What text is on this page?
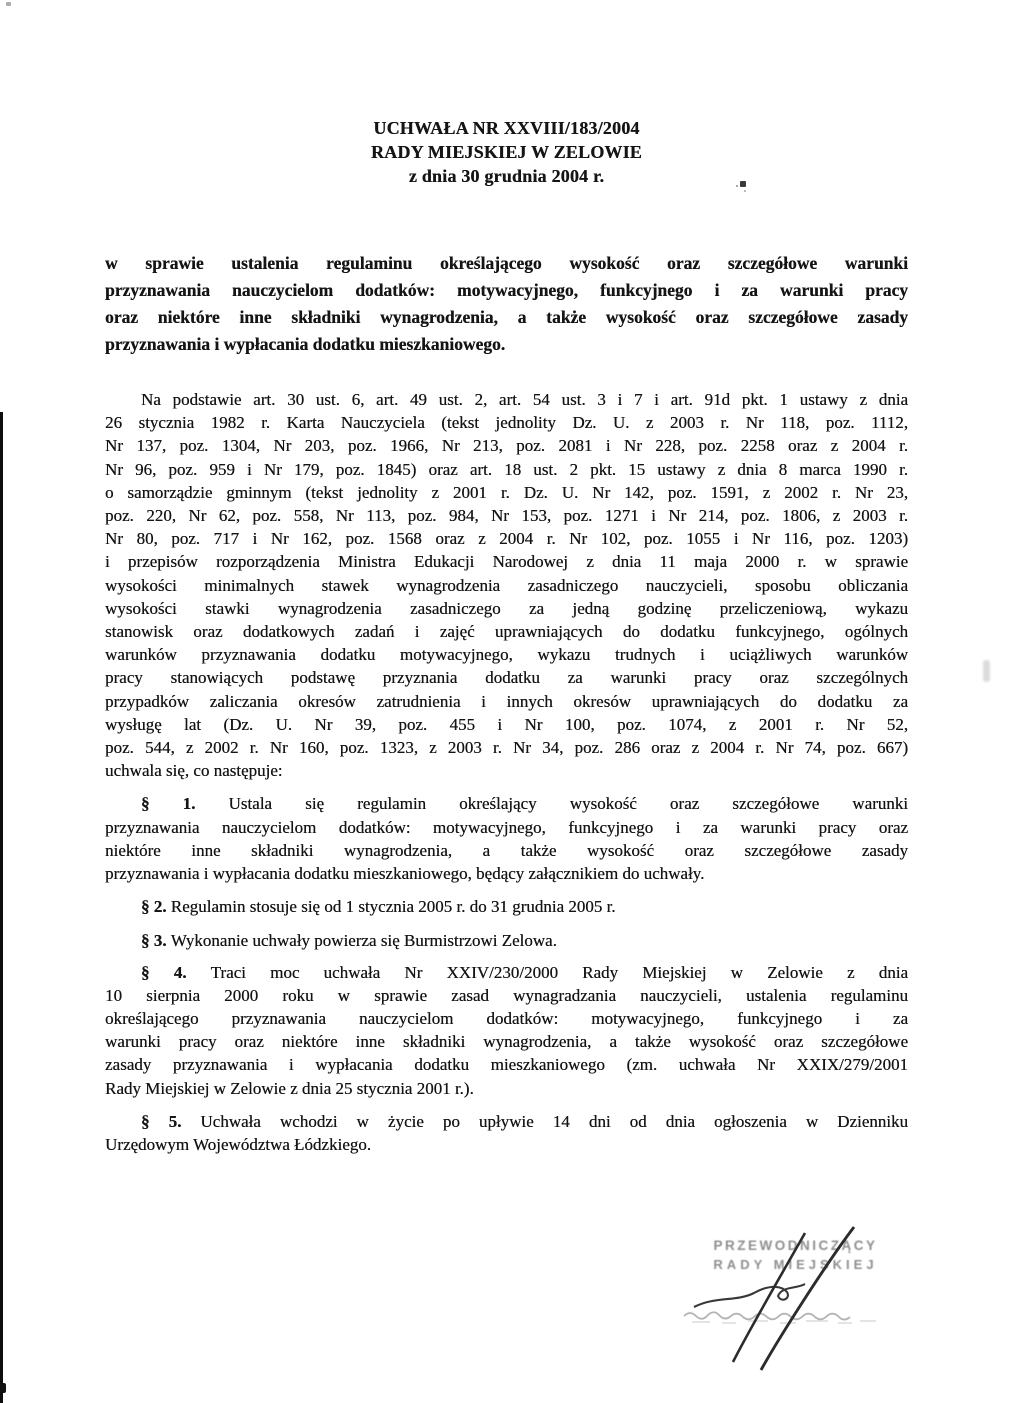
UCHWAŁA NR XXVIII/183/2004
RADY MIEJSKIEJ W ZELOWIE
z dnia 30 grudnia 2004 r.
w sprawie ustalenia regulaminu określającego wysokość oraz szczegółowe warunki
przyznawania nauczycielom dodatków: motywacyjnego, funkcyjnego i za warunki pracy
oraz niektóre inne składniki wynagrodzenia, a także wysokość oraz szczegółowe zasady
przyznawania i wypłacania dodatku mieszkaniowego.
Na podstawie art. 30 ust. 6, art. 49 ust. 2, art. 54 ust. 3 i 7 i art. 91d pkt. 1 ustawy z dnia
26 stycznia 1982 r. Karta Nauczyciela (tekst jednolity Dz. U. z 2003 r. Nr 118, poz. 1112,
Nr 137, poz. 1304, Nr 203, poz. 1966, Nr 213, poz. 2081 i Nr 228, poz. 2258 oraz z 2004 r.
Nr 96, poz. 959 i Nr 179, poz. 1845) oraz art. 18 ust. 2 pkt. 15 ustawy z dnia 8 marca 1990 r.
o samorządzie gminnym (tekst jednolity z 2001 r. Dz. U. Nr 142, poz. 1591, z 2002 r. Nr 23,
poz. 220, Nr 62, poz. 558, Nr 113, poz. 984, Nr 153, poz. 1271 i Nr 214, poz. 1806, z 2003 r.
Nr 80, poz. 717 i Nr 162, poz. 1568 oraz z 2004 r. Nr 102, poz. 1055 i Nr 116, poz. 1203)
i przepisów rozporządzenia Ministra Edukacji Narodowej z dnia 11 maja 2000 r. w sprawie
wysokości minimalnych stawek wynagrodzenia zasadniczego nauczycieli, sposobu obliczania
wysokości stawki wynagrodzenia zasadniczego za jedną godzinę przeliczeniową, wykazu
stanowisk oraz dodatkowych zadań i zajęć uprawniających do dodatku funkcyjnego, ogólnych
warunków przyznawania dodatku motywacyjnego, wykazu trudnych i uciążliwych warunków
pracy stanowiących podstawę przyznania dodatku za warunki pracy oraz szczególnych
przypadków zaliczania okresów zatrudnienia i innych okresów uprawniających do dodatku za
wysługę lat (Dz. U. Nr 39, poz. 455 i Nr 100, poz. 1074, z 2001 r. Nr 52,
poz. 544, z 2002 r. Nr 160, poz. 1323, z 2003 r. Nr 34, poz. 286 oraz z 2004 r. Nr 74, poz. 667)
uchwala się, co następuje:
§ 1. Ustala się regulamin określający wysokość oraz szczegółowe warunki
przyznawania nauczycielom dodatków: motywacyjnego, funkcyjnego i za warunki pracy oraz
niektóre inne składniki wynagrodzenia, a także wysokość oraz szczegółowe zasady
przyznawania i wypłacania dodatku mieszkaniowego, będący załącznikiem do uchwały.
§ 2. Regulamin stosuje się od 1 stycznia 2005 r. do 31 grudnia 2005 r.
§ 3. Wykonanie uchwały powierza się Burmistrzowi Zelowa.
§ 4. Traci moc uchwała Nr XXIV/230/2000 Rady Miejskiej w Zelowie z dnia
10 sierpnia 2000 roku w sprawie zasad wynagradzania nauczycieli, ustalenia regulaminu
określającego przyznawania nauczycielom dodatków: motywacyjnego, funkcyjnego i za
warunki pracy oraz niektóre inne składniki wynagrodzenia, a także wysokość oraz szczegółowe
zasady przyznawania i wypłacania dodatku mieszkaniowego (zm. uchwała Nr XXIX/279/2001
Rady Miejskiej w Zelowie z dnia 25 stycznia 2001 r.).
§ 5. Uchwała wchodzi w życie po upływie 14 dni od dnia ogłoszenia w Dzienniku
Urzędowym Województwa Łódzkiego.
PRZEWODNICZĄCY
RADY MIEJSKIEJ
